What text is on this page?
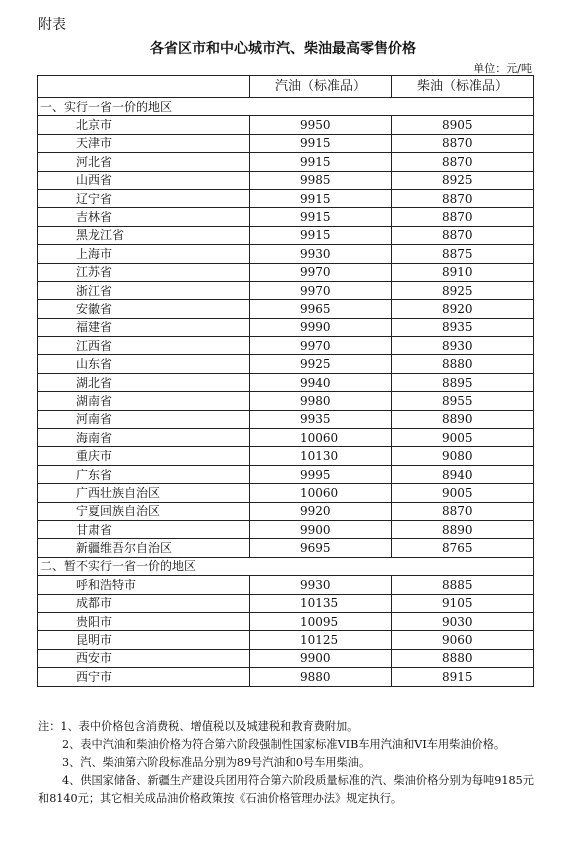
附表
各省区市和中心城市汽、柴油最高零售价格
单位：元/吨
	汽油（标准品）	柴油（标准品）
一、实行一省一价的地区		
北京市	9950	8905
天津市	9915	8870
河北省	9915	8870
山西省	9985	8925
辽宁省	9915	8870
吉林省	9915	8870
黑龙江省	9915	8870
上海市	9930	8875
江苏省	9970	8910
浙江省	9970	8925
安徽省	9965	8920
福建省	9990	8935
江西省	9970	8930
山东省	9925	8880
湖北省	9940	8895
湖南省	9980	8955
河南省	9935	8890
海南省	10060	9005
重庆市	10130	9080
广东省	9995	8940
广西壮族自治区	10060	9005
宁夏回族自治区	9920	8870
甘肃省	9900	8890
新疆维吾尔自治区	9695	8765
二、暂不实行一省一价的地区		
呼和浩特市	9930	8885
成都市	10135	9105
贵阳市	10095	9030
昆明市	10125	9060
西安市	9900	8880
西宁市	9880	8915

注：1、表中价格包含消费税、增值税以及城建税和教育费附加。

2、表中汽油和柴油价格为符合第六阶段强制性国家标准VIB车用汽油和VI车用柴油价格。

3、汽、柴油第六阶段标准品分别为89号汽油和0号车用柴油。

4、供国家储备、新疆生产建设兵团用符合第六阶段质量标准的汽、柴油价格分别为每吨9185元和8140元；其它相关成品油价格政策按《石油价格管理办法》规定执行。
